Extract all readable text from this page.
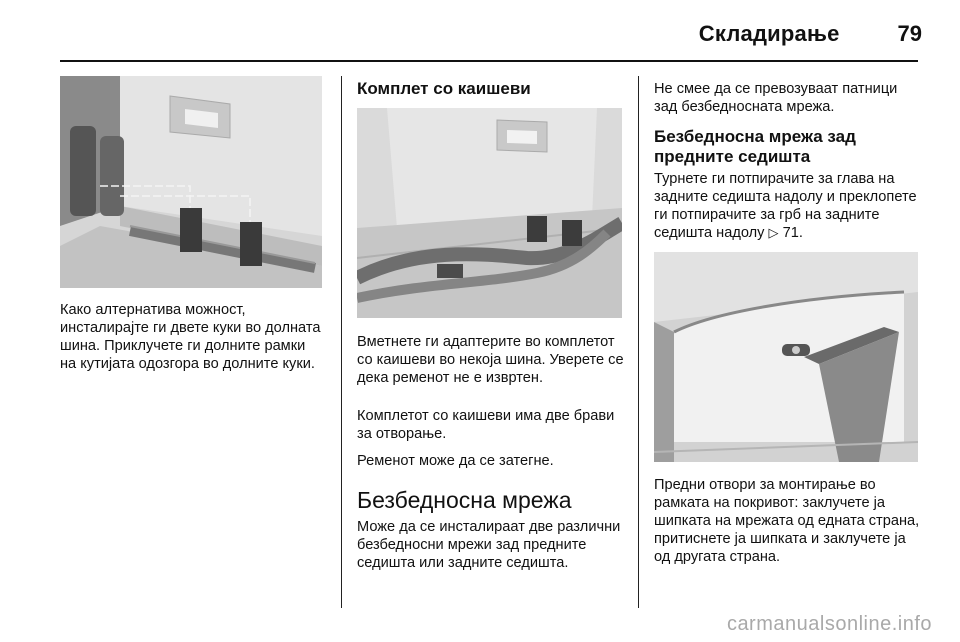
Складирање	79

Како алтернатива можност, инсталирајте ги двете куки во долната шина. Приклучете ги долните рамки на кутијата одозгора во долните куки.

Комплет со каишеви

Вметнете ги адаптерите во комплетот со каишеви во некоја шина. Уверете се дека ременот не е извртен.

Комплетот со каишеви има две брави за отворање.

Ременот може да се затегне.

Безбедносна мрежа

Може да се инсталираат две различни безбедносни мрежи зад предните седишта или задните седишта.

Не смее да се превозуваат патници зад безбедносната мрежа.

Безбедносна мрежа зад предните седишта

Турнете ги потпирачите за глава на задните седишта надолу и преклопете ги потпирачите за грб на задните седишта надолу ▷ 71.

Предни отвори за монтирање во рамката на покривот: заклучете ја шипката на мрежата од едната страна, притиснете ја шипката и заклучете ја од другата страна.

carmanualsonline.info
